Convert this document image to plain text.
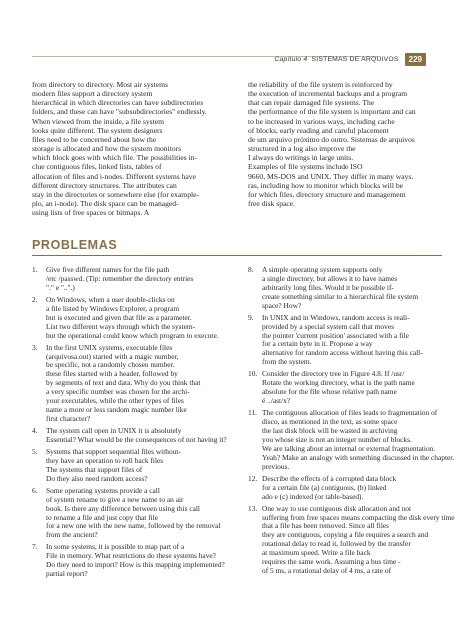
Capítulo 4 SISTEMAS DE ARQUIVOS	229
from directory to directory. Most air systems
modern files support a directory system
hierarchical in which directories can have subdirectories
folders, and these can have "subsubdirectories" endlessly.
When viewed from the inside, a file system
looks quite different. The system designers
files need to be concerned about how the
storage is allocated and how the system monitors
which block goes with which file. The possibilities in-
clue contiguous files, linked lists, tables of
allocation of files and i-nodes. Different systems have
different directory structures. The attributes can
stay in the directories or somewhere else (for example-
plo, an i-node). The disk space can be managed-
using lists of free spaces or bitmaps. A
the reliability of the file system is reinforced by
the execution of incremental backups and a program
that can repair damaged file systems. The
the performance of the file system is important and can
to be increased in various ways, including cache
of blocks, early reading and careful placement
de um arquivo próximo do outro. Sistemas de arquivos
structured in a log also improve the
I always do writings in large units.
Examples of file systems include ISO
9660, MS-DOS and UNIX. They differ in many ways.
ras, including how to monitor which blocks will be
for which files, directory structure and management
free disk space.
PROBLEMAS
1.	Give five different names for the file path
/etc /passwd. (Tip: remember the directory entries
"." e "..".)
2.	On Windows, when a user double-clicks on
a file listed by Windows Explorer, a program
but is executed and given that file as a parameter.
List two different ways through which the system-
but the operational could know which program to execute.
3.	In the first UNIX systems, executable files
(arquivosa.out) started with a magic number,
be specific, not a randomly chosen number.
these files started with a header, followed by
by segments of text and data. Why do you think that
a very specific number was chosen for the archi-
your executables, while the other types of files
name a more or less random magic number like
first character?
4.	The system call open in UNIX it is absolutely
Essential? What would be the consequences of not having it?
5.	Systems that support sequential files without-
they have an operation to roll back files
The systems that support files of
Do they also need random access?
6.	Some operating systems provide a call
of system rename to give a new name to an air
book. Is there any difference between using this call
to rename a file and just copy that file
for a new one with the new name, followed by the removal
from the ancient?
7.	In some systems, it is possible to map part of a
File in memory. What restrictions do these systems have?
Do they need to import? How is this mapping implemented?
partial report?
8.	A simple operating system supports only
a single directory, but allows it to have names
arbitrarily long files. Would it be possible if-
create something similar to a hierarchical file system
space? How?
9.	In UNIX and in Windows, random access is reali-
provided by a special system call that moves
the pointer 'current position' associated with a file
for a certain byte in it. Propose a way
alternative for random access without having this call-
from the system.
10. Consider the directory tree in Figure 4.8. If /usr/
Rotate the working directory, what is the path name
absolute for the file whose relative path name
é ../ast/x?
11. The contiguous allocation of files leads to fragmentation of
disco, as mentioned in the text, as some space
the last disk block will be wasted in archiving
you whose size is not an integer number of blocks.
We are talking about an internal or external fragmentation.
Yeah? Make an analogy with something discussed in the chapter.
previous.
12. Describe the effects of a corrupted data block
for a certain file (a) contiguous, (b) linked
ado e (c) indexed (or table-based).
13. One way to use contiguous disk allocation and not
suffering from free spaces means compacting the disk every time
that a file has been removed. Since all files
they are contiguous, copying a file requires a search and
rotational delay to read it, followed by the transfer
at maximum speed. Write a file back
requires the same work. Assuming a bus time -
of 5 ms, a rotational delay of 4 ms, a rate of
